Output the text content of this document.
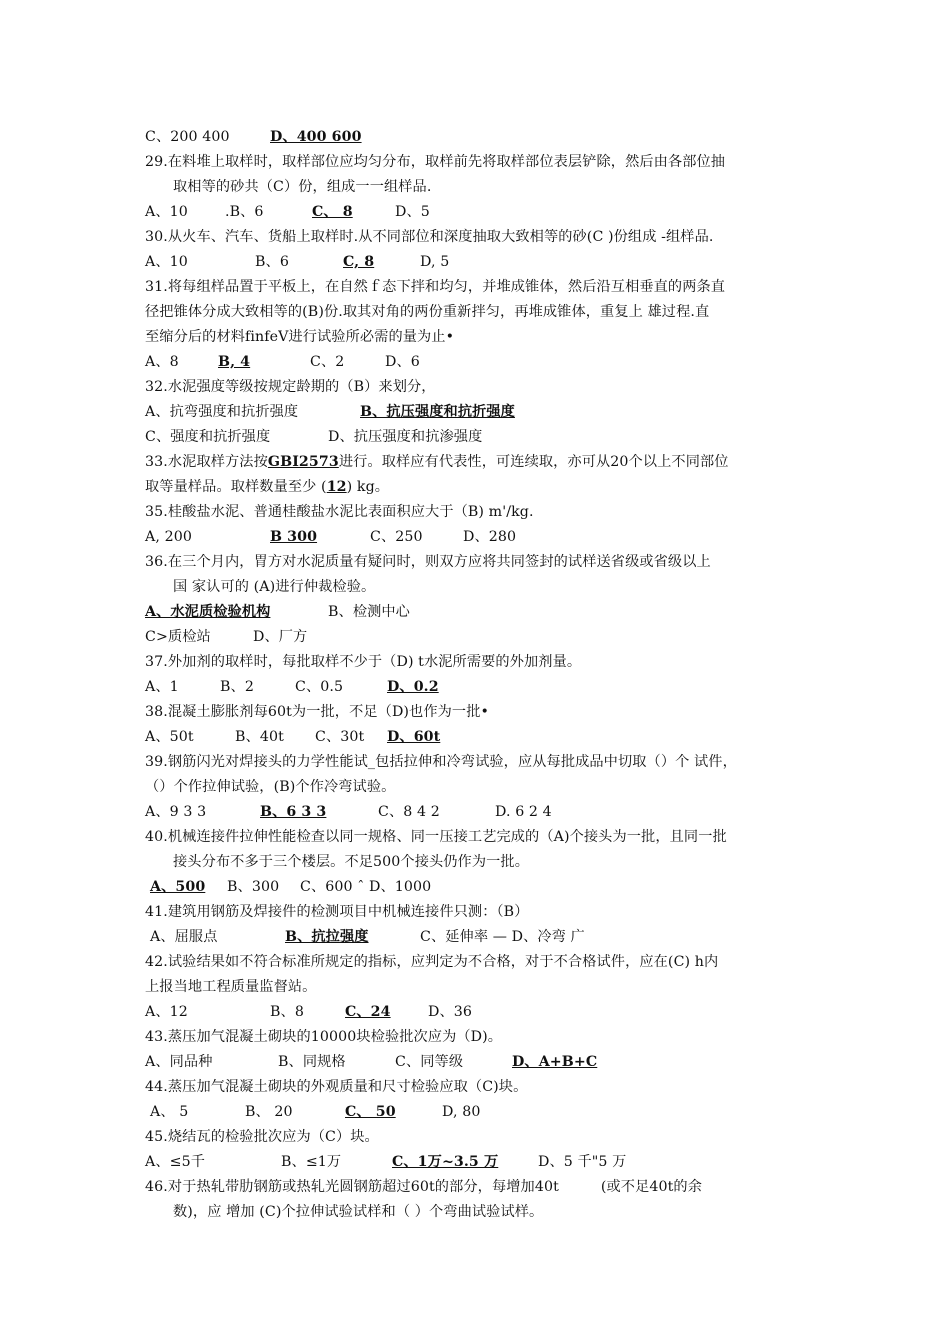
C、200 400	D、400 600
29.在料堆上取样时，取样部位应均匀分布，取样前先将取样部位表层铲除，然后由各部位抽
取相等的砂共（C）份，组成一一组样品.
A、10	.B、6	C、 8	D、5
30.从火车、汽车、货船上取样时.从不同部位和深度抽取大致相等的砂(C )份组成 -组样品.
A、10	B、6	C, 8	D, 5
31.将每组样品置于平板上，在自然ｆ态下拌和均匀，并堆成锥体，然后沿互相垂直的两条直
径把锥体分成大致相等的(B)份.取其对角的两份重新拌匀，再堆成锥体，重复上 雄过程.直
至缩分后的材料finfeV进行试验所必需的量为止•
A、8	B, 4	C、2	D、6
32.水泥强度等级按规定龄期的（B）来划分，
A、抗弯强度和抗折强度	B、抗压强度和抗折强度
C、强度和抗折强度	D、抗压强度和抗渗强度
33.水泥取样方法按GBI2573进行。取样应有代表性，可连续取，亦可从20个以上不同部位
取等量样品。取样数量至少 (12) kg。
35.桂酸盐水泥、普通桂酸盐水泥比表面积应大于（B) m'/kg.
A, 200	B 300	C、250	D、280
36.在三个月内，胃方对水泥质量有疑问时，则双方应将共同签封的试样送省级或省级以上
国 家认可的 (A)进行仲裁检验。
A、水泥质检验机构	B、检测中心
C>质检站	D、厂方
37.外加剂的取样时，每批取样不少于（D) t水泥所需要的外加剂量。
A、1	B、2	C、0.5	D、0.2
38.混凝土膨胀剂每60t为一批，不足（D)也作为一批•
A、50t	B、40t C、30t D、60t
39.钢筋闪光对焊接头的力学性能试_包括拉伸和冷弯试验，应从每批成品中切取（）个 试件，
（）个作拉伸试验，(B)个作冷弯试验。
A、9 3 3	B、6 3 3	C、8 4 2	D. 6 2 4
40.机械连接件拉伸性能检查以同一规格、同一压接工艺完成的（A)个接头为一批，且同一批
接头分布不多于三个楼层。不足500个接头仍作为一批。
A、500 B、300 C、600 ˆ D、1000
41.建筑用钢筋及焊接件的检测项目中机械连接件只测：（B）
A、屈服点	B、抗拉强度	C、延伸率 — D、冷弯 广
42.试验结果如不符合标准所规定的指标，应判定为不合格，对于不合格试件，应在(C) h内
上报当地工程质量监督站。
A、12	B、8	C、24	D、36
43.蒸压加气混凝土砌块的10000块检验批次应为（D)。
A、同品种	B、同规格	C、同等级	D、A+B+C
44.蒸压加气混凝土砌块的外观质量和尺寸检验应取（C)块。
A、 5	B、 20	C、 50	D, 80
45.烧结瓦的检验批次应为（C）块。
A、≤5千	B、≤1万	C、1万~3.5 万	D、5 千"5 万
46.对于热轧带肋钢筋或热轧光圆钢筋超过60t的部分，每增加40t	(或不足40t的余
数)，应 增加 (C)个拉伸试验试样和（ ）个弯曲试验试样。
